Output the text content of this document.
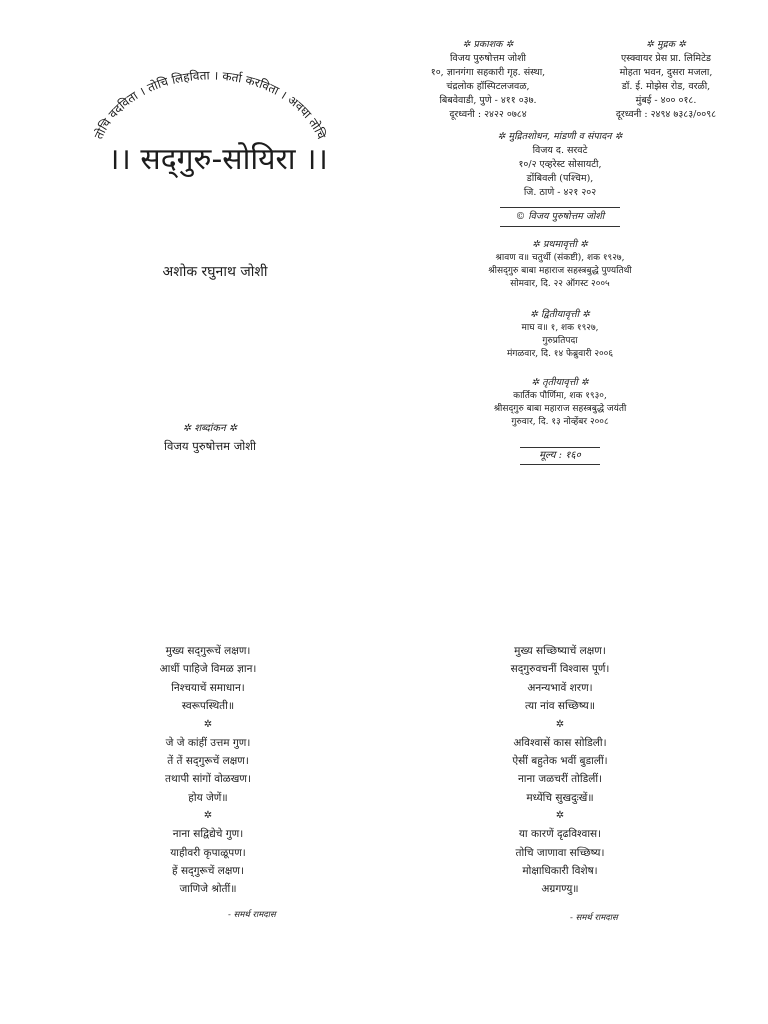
तोचि वदविता । तोचि लिहविता । कर्ता करविता । अवघा तोचि
।। सद्‌गुरु-सोयिरा ।।
अशोक रघुनाथ जोशी
✲ शब्दांकन ✲
विजय पुरुषोत्तम जोशी
✲ प्रकाशक ✲
विजय पुरुषोत्तम जोशी
१०, ज्ञानगंगा सहकारी गृह. संस्था,
चंद्रलोक हॉस्पिटलजवळ,
बिबवेवाडी, पुणे - ४११ ०३७.
दूरध्वनी : २४२२ ०७८४
✲ मुद्रक ✲
एस्क्वायर प्रेस प्रा. लिमिटेड
मोहता भवन, दुसरा मजला,
डॉ. ई. मोझेस रोड, वरळी,
मुंबई - ४०० ०१८.
दूरध्वनी : २४९४ ७३८३/००९८
✲ मुद्रितशोधन, मांडणी व संपादन ✲
विजय द. सरवटे
१०/२ एव्हरेस्ट सोसायटी,
डोंबिवली (पश्चिम),
जि. ठाणे - ४२१ २०२
© विजय पुरुषोत्तम जोशी
✲ प्रथमावृत्ती ✲
श्रावण व॥ चतुर्थी (संकष्टी), शक १९२७,
श्रीसद्‌गुरु बाबा महाराज सहस्त्रबुद्धे पुण्यतिथी
सोमवार, दि. २२ ऑगस्ट २००५
✲ द्वितीयावृत्ती ✲
माघ व॥ १, शक १९२७,
गुरुप्रतिपदा
मंगळवार, दि. १४ फेब्रुवारी २००६
✲ तृतीयावृत्ती ✲
कार्तिक पौर्णिमा, शक १९३०,
श्रीसद्‌गुरु बाबा महाराज सहस्त्रबुद्धे जयंती
गुरुवार, दि. १३ नोव्हेंबर २००८
मूल्य : १६०
मुख्य सद्‌गुरूचें लक्षण।
आधीं पाहिजे विमळ ज्ञान।
निश्चयाचें समाधान।
स्वरूपस्थिती॥
✲
जे जे कांहीं उत्तम गुण।
तें तें सद्‌गुरूचें लक्षण।
तथापी सांगों वोळखण।
होय जेणें॥
✲
नाना सद्विद्येचे गुण।
याहीवरी कृपाळूपण।
हें सद्‌गुरूचें लक्षण।
जाणिजे श्रोतीं॥
- समर्थ रामदास
मुख्य सच्छिष्याचें लक्षण।
सद्‌गुरुवचनीं विश्वास पूर्ण।
अनन्यभावें शरण।
त्या नांव सच्छिष्य॥
✲
अविश्वासें कास सोडिली।
ऐसीं बहुतेक भवीं बुडालीं।
नाना जळचरीं तोडिलीं।
मध्येंचि सुखदुःखें॥
✲
या कारणें दृढविश्वास।
तोचि जाणावा सच्छिष्य।
मोक्षाधिकारी विशेष।
अग्रगण्यु॥
- समर्थ रामदास
